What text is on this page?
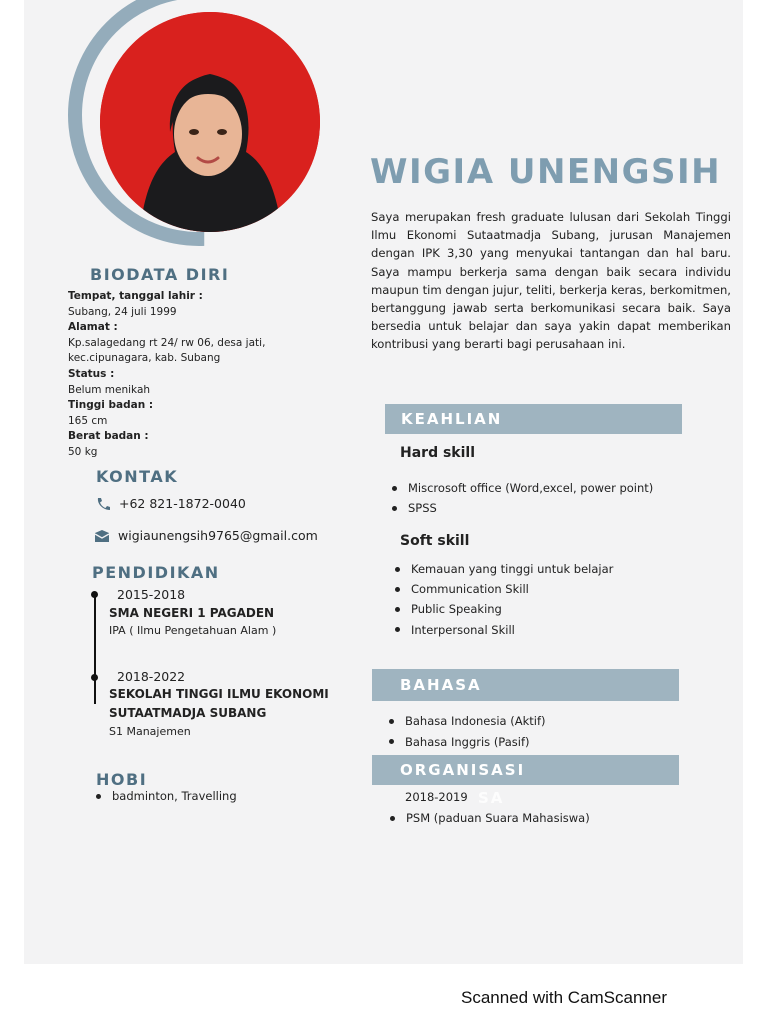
BIODATA DIRI
Tempat, tanggal lahir :
Subang, 24 juli 1999
Alamat :
Kp.salagedang rt 24/ rw 06, desa jati,
kec.cipunagara, kab. Subang
Status :
Belum menikah
Tinggi badan :
165 cm
Berat badan :
50 kg
KONTAK
+62 821-1872-0040
wigiaunengsih9765@gmail.com
PENDIDIKAN
2015-2018
SMA NEGERI 1 PAGADEN
IPA ( Ilmu Pengetahuan Alam )
2018-2022
SEKOLAH TINGGI ILMU EKONOMI
SUTAATMADJA SUBANG
S1 Manajemen
HOBI
badminton, Travelling
WIGIA UNENGSIH
Saya merupakan fresh graduate lulusan dari Sekolah Tinggi Ilmu Ekonomi Sutaatmadja Subang, jurusan Manajemen dengan IPK 3,30 yang menyukai tantangan dan hal baru. Saya mampu berkerja sama dengan baik secara individu maupun tim dengan jujur, teliti, berkerja keras, berkomitmen, bertanggung jawab serta berkomunikasi secara baik. Saya bersedia untuk belajar dan saya yakin dapat memberikan kontribusi yang berarti bagi perusahaan ini.
KEAHLIAN
Hard skill
Miscrosoft office (Word,excel, power point)
SPSS
Soft skill
Kemauan yang tinggi untuk belajar
Communication Skill
Public Speaking
Interpersonal Skill
BAHASA
Bahasa Indonesia (Aktif)
Bahasa Inggris (Pasif)
ORGANISASI
SA
2018-2019
PSM (paduan Suara Mahasiswa)
Scanned with CamScanner
